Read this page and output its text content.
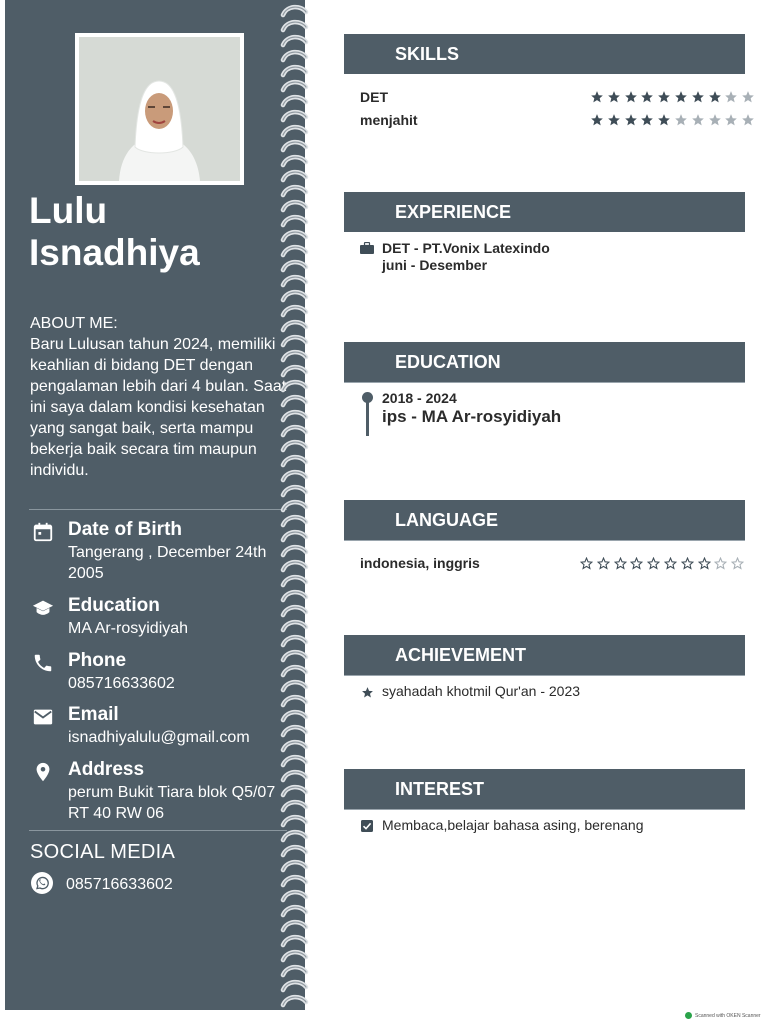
Lulu
Isnadhiya
ABOUT ME:
Baru Lulusan tahun 2024, memiliki keahlian di bidang DET dengan pengalaman lebih dari 4 bulan. Saat ini saya dalam kondisi kesehatan yang sangat baik, serta mampu bekerja baik secara tim maupun individu.
Date of Birth
Tangerang , December 24th 2005
Education
MA Ar-rosyidiyah
Phone
085716633602
Email
isnadhiyalulu@gmail.com
Address
perum Bukit Tiara blok Q5/07 RT 40 RW 06
SOCIAL MEDIA
085716633602
SKILLS
DET
menjahit
EXPERIENCE
DET - PT.Vonix Latexindo
juni - Desember
EDUCATION
2018 - 2024
ips - MA Ar-rosyidiyah
LANGUAGE
indonesia, inggris
ACHIEVEMENT
syahadah khotmil Qur'an - 2023
INTEREST
Membaca,belajar bahasa asing, berenang
Scanned with OKEN Scanner
